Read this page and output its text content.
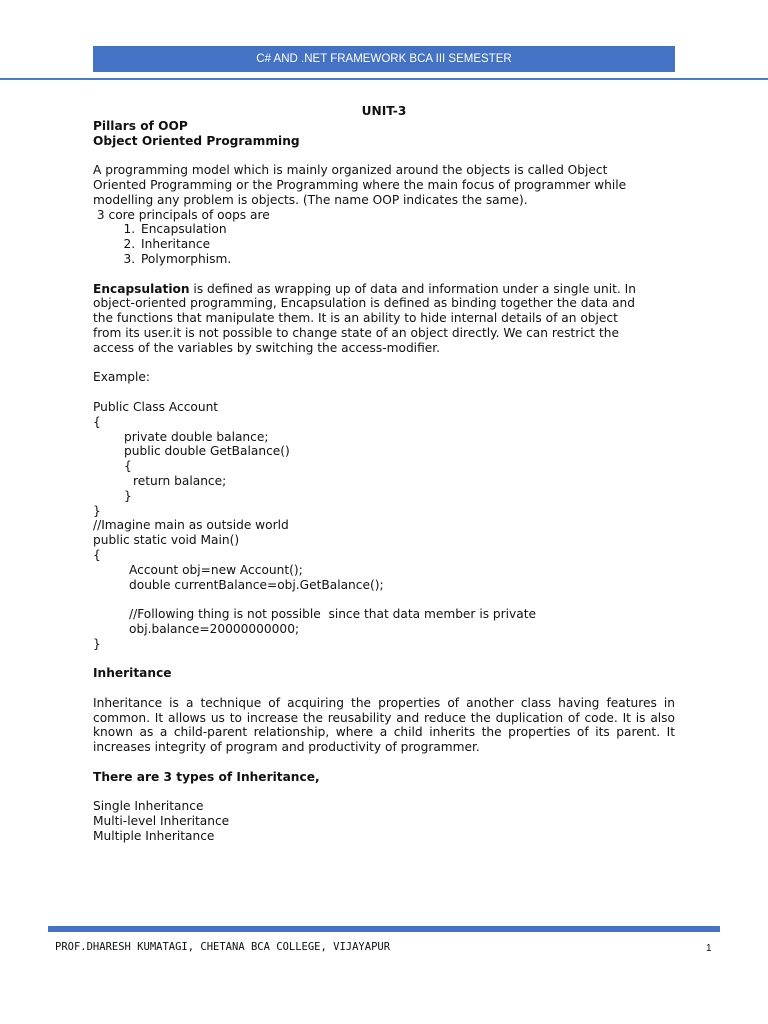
C# AND .NET FRAMEWORK BCA III SEMESTER

UNIT-3

Pillars of OOP

Object Oriented Programming

A programming model which is mainly organized around the objects is called Object

Oriented Programming or the Programming where the main focus of programmer while

modelling any problem is objects. (The name OOP indicates the same).

3 core principals of oops are

1. Encapsulation
2. Inheritance
3. Polymorphism.

Encapsulation is defined as wrapping up of data and information under a single unit. In

object-oriented programming, Encapsulation is defined as binding together the data and

the functions that manipulate them. It is an ability to hide internal details of an object

from its user.it is not possible to change state of an object directly. We can restrict the

access of the variables by switching the access-modifier.

Example:

Public Class Account

{

private double balance;

public double GetBalance()

{

return balance;

}

}

//Imagine main as outside world

public static void Main()

{

Account obj=new Account();

double currentBalance=obj.GetBalance();

//Following thing is not possible  since that data member is private

obj.balance=20000000000;

}

Inheritance

Inheritance is a technique of acquiring the properties of another class having features in common. It allows us to increase the reusability and reduce the duplication of code. It is also known as a child-parent relationship, where a child inherits the properties of its parent. It increases integrity of program and productivity of programmer.

There are 3 types of Inheritance,

Single Inheritance

Multi-level Inheritance

Multiple Inheritance

PROF.DHARESH KUMATAGI, CHETANA BCA COLLEGE, VIJAYAPUR	1
